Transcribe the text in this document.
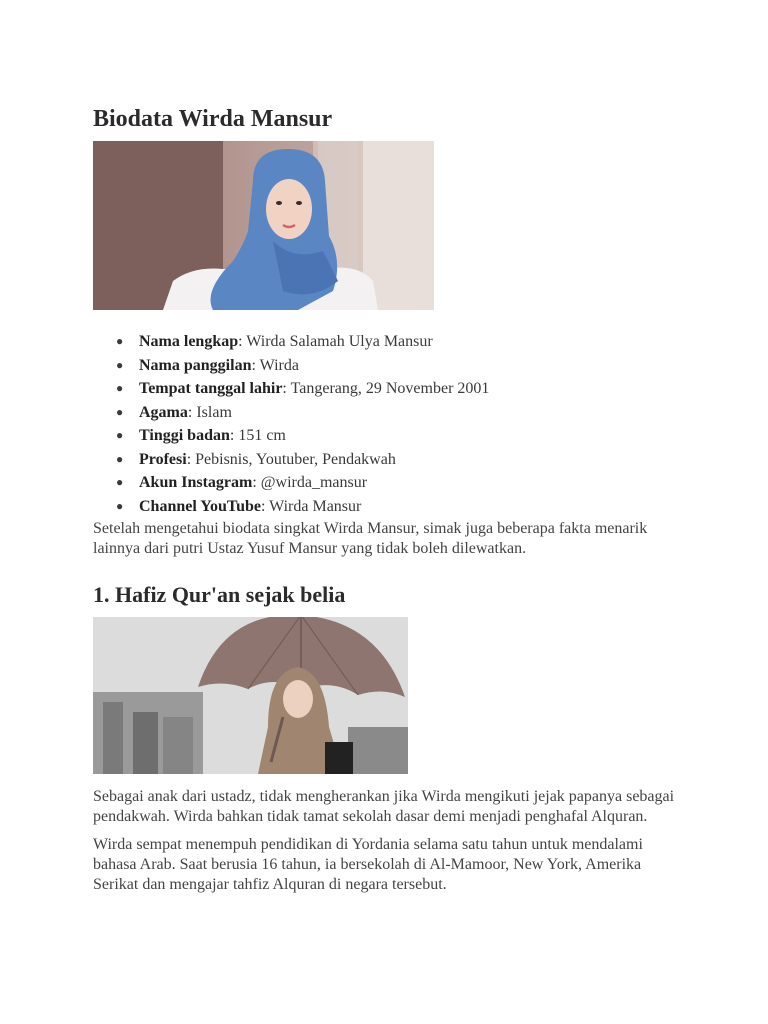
Biodata Wirda Mansur
● Nama lengkap: Wirda Salamah Ulya Mansur
● Nama panggilan: Wirda
● Tempat tanggal lahir: Tangerang, 29 November 2001
● Agama: Islam
● Tinggi badan: 151 cm
● Profesi: Pebisnis, Youtuber, Pendakwah
● Akun Instagram: @wirda_mansur
● Channel YouTube: Wirda Mansur

Setelah mengetahui biodata singkat Wirda Mansur, simak juga beberapa fakta menarik lainnya dari putri Ustaz Yusuf Mansur yang tidak boleh dilewatkan.

1. Hafiz Qur'an sejak belia

Sebagai anak dari ustadz, tidak mengherankan jika Wirda mengikuti jejak papanya sebagai pendakwah. Wirda bahkan tidak tamat sekolah dasar demi menjadi penghafal Alquran.

Wirda sempat menempuh pendidikan di Yordania selama satu tahun untuk mendalami bahasa Arab. Saat berusia 16 tahun, ia bersekolah di Al-Mamoor, New York, Amerika Serikat dan mengajar tahfiz Alquran di negara tersebut.
